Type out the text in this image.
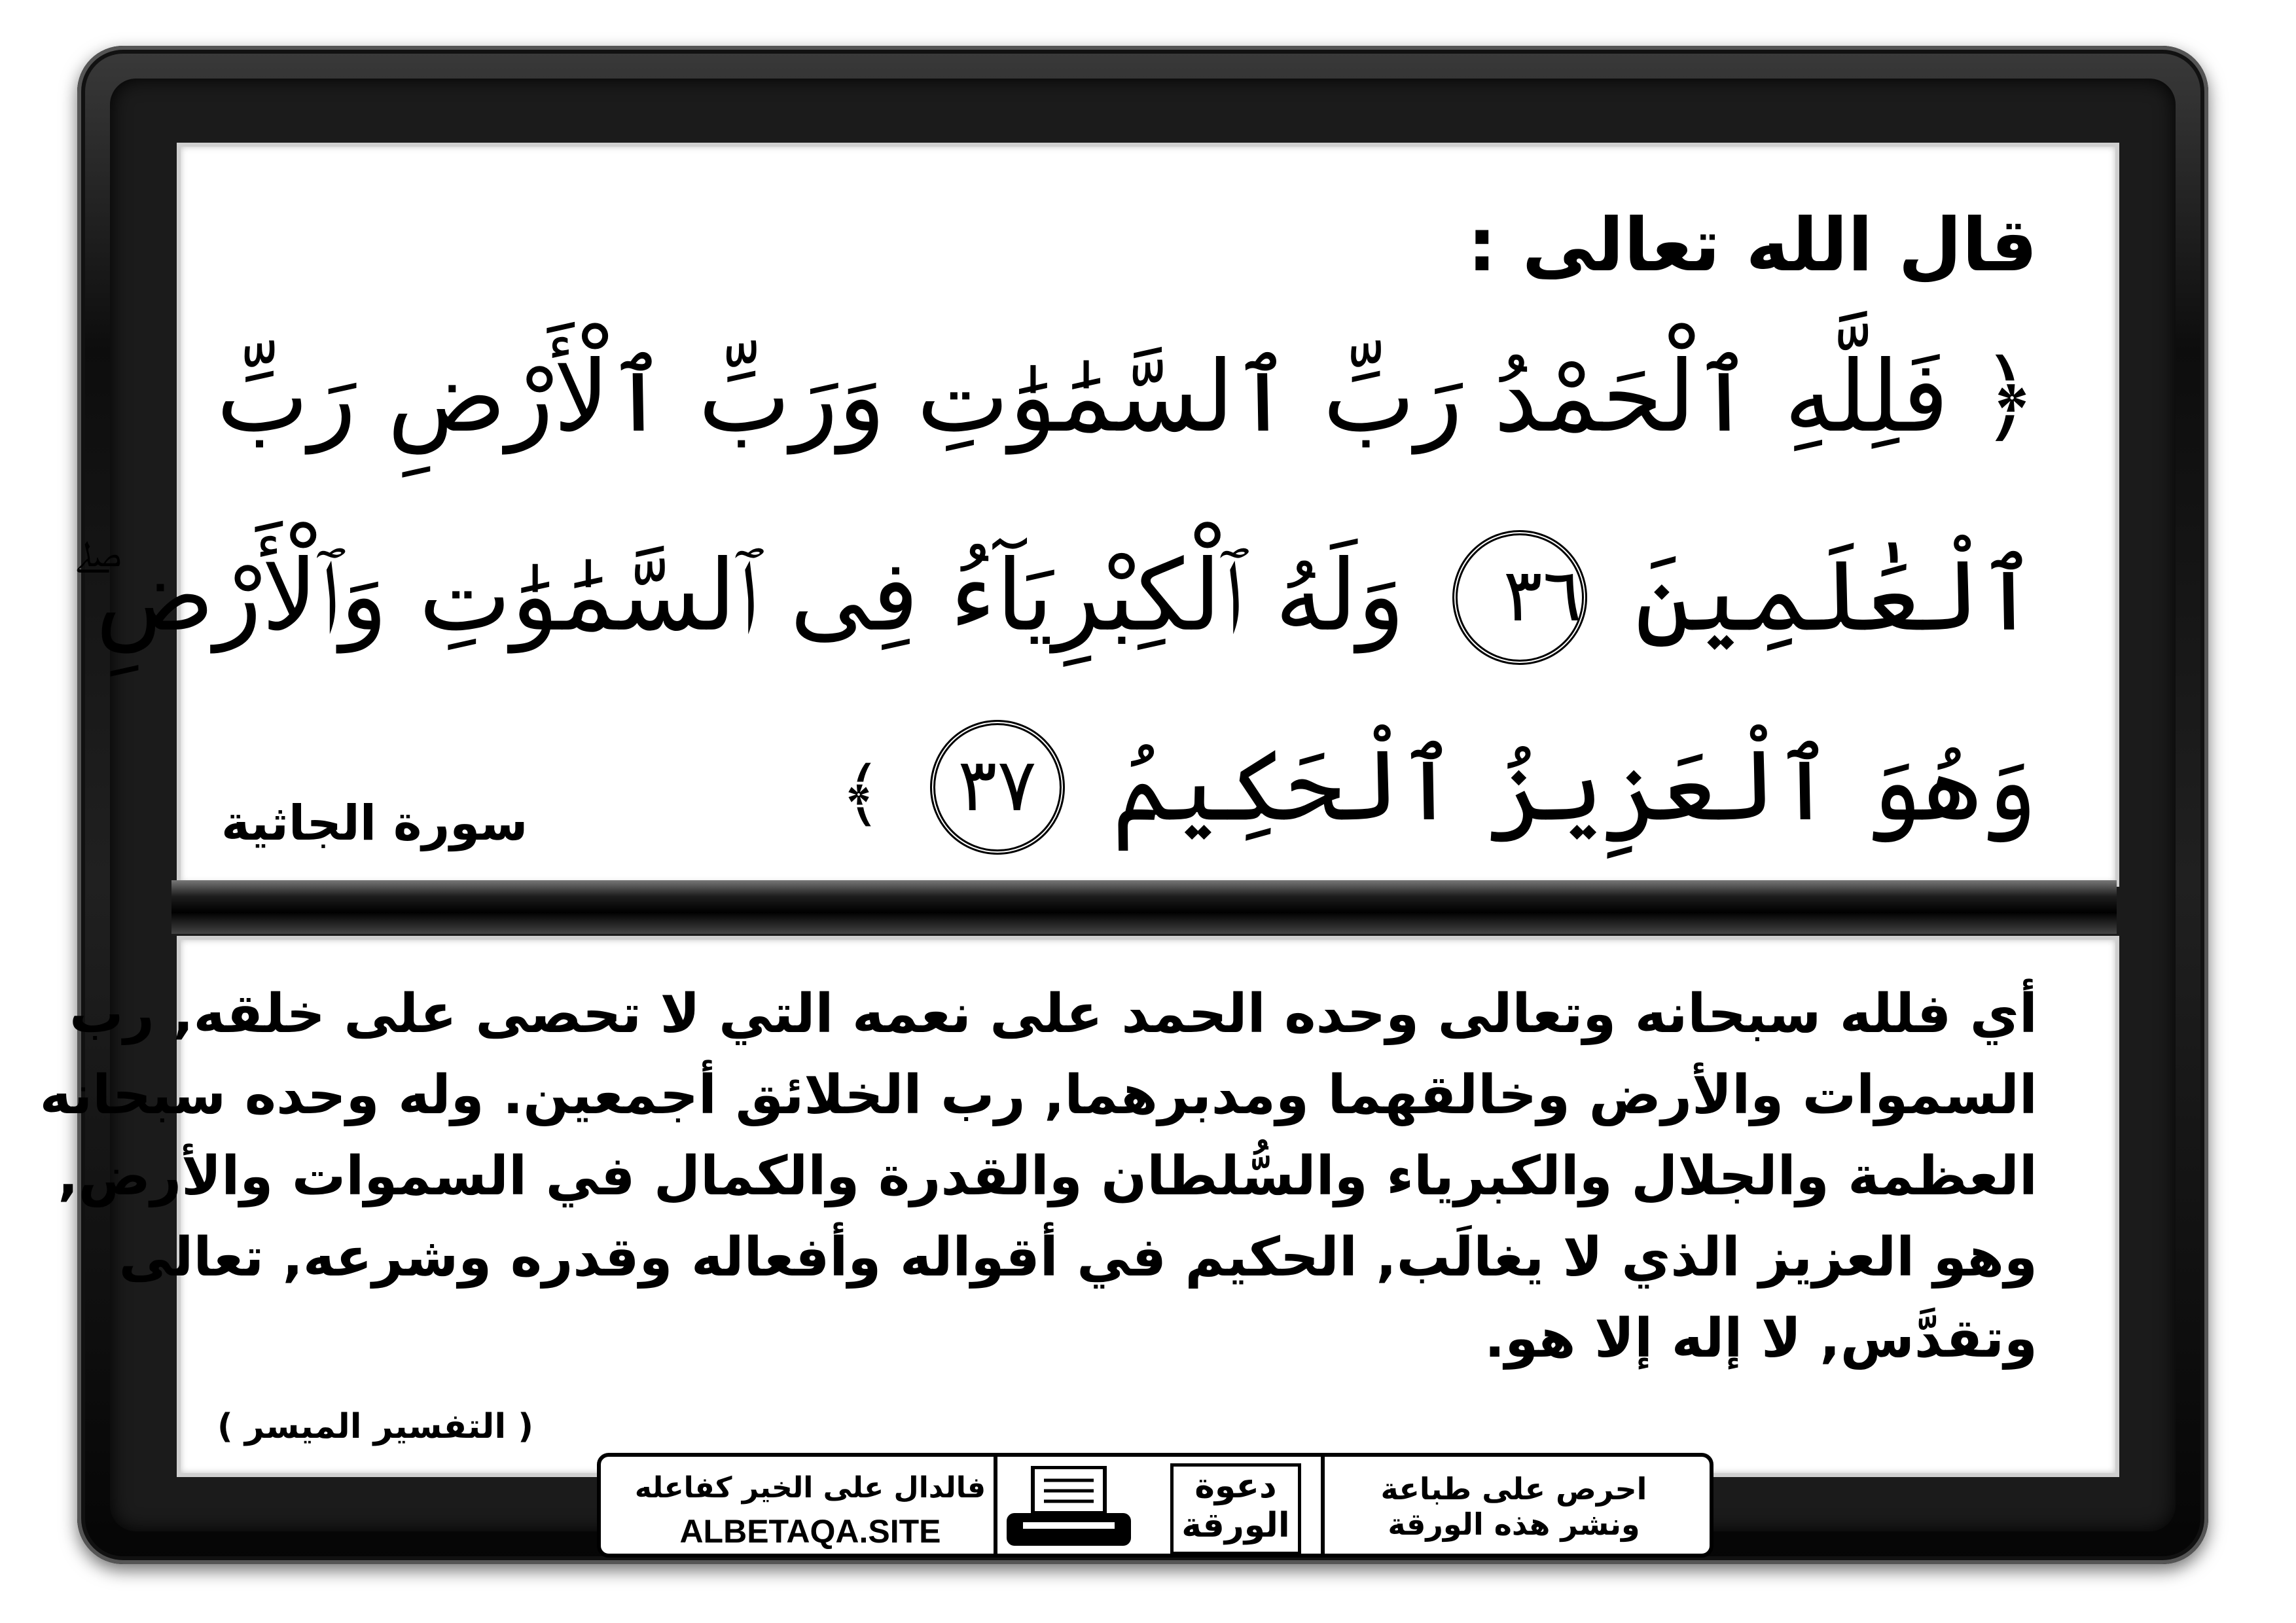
قال الله تعالى :
﴿ فَلِلَّهِ ٱلْحَمْدُ رَبِّ ٱلسَّمَٰوَٰتِ وَرَبِّ ٱلْأَرْضِ رَبِّ
ٱلْعَٰلَمِينَ ٣٦ وَلَهُ ٱلْكِبْرِيَآءُ فِى ٱلسَّمَٰوَٰتِ وَٱلْأَرْضِ ۖ
وَهُوَ ٱلْعَزِيزُ ٱلْحَكِيمُ ٣٧ ﴾
سورة الجاثية

أي فلله سبحانه وتعالى وحده الحمد على نعمه التي لا تحصى على خلقه, رب

السموات والأرض وخالقهما ومدبرهما, رب الخلائق أجمعين. وله وحده سبحانه

العظمة والجلال والكبرياء والسُّلطان والقدرة والكمال في السموات والأرض,

وهو العزيز الذي لا يغالَب, الحكيم في أقواله وأفعاله وقدره وشرعه, تعالى

وتقدَّس, لا إله إلا هو.

( التفسير الميسر )
فالدال على الخير كفاعله
ALBETAQA.SITE
دعوة
الورقة
احرص على طباعة
ونشر هذه الورقة
